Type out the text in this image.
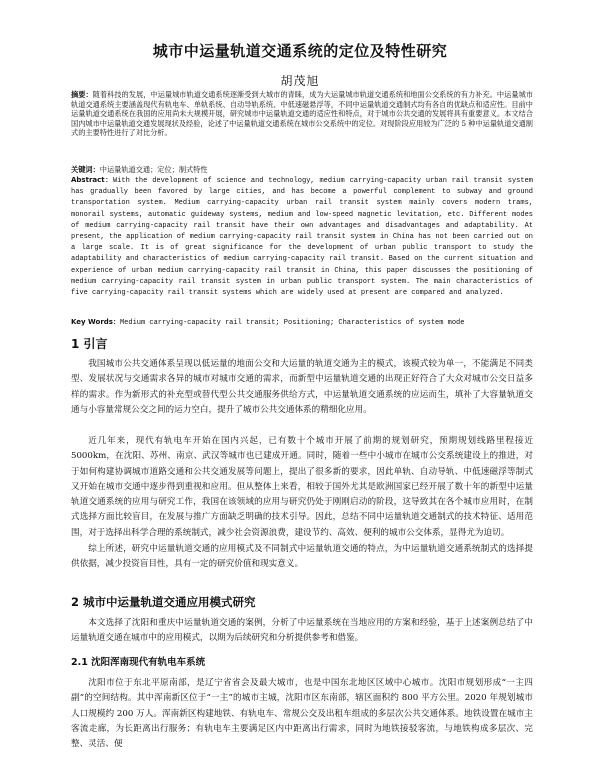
城市中运量轨道交通系统的定位及特性研究
胡茂旭

摘要：随着科技的发展，中运量城市轨道交通系统逐渐受到大城市的青睐，成为大运量城市轨道交通系统和地面公交系统的有力补充。中运量城市轨道交通系统主要涵盖现代有轨电车、单轨系统、自动导轨系统、中低速磁悬浮等，不同中运量轨道交通制式均有各自的优缺点和适应性。目前中运量轨道交通系统在我国的应用尚未大规模开展，研究城市中运量轨道交通的适应性和特点，对于城市公共交通的发展将具有重要意义。本文结合国内城市中运量轨道交通发展现状及经验，论述了中运量轨道交通系统在城市公交系统中的定位。对现阶段应用较为广泛的 5 种中运量轨道交通制式的主要特性进行了对比分析。

关键词：中运量轨道交通；定位；制式特性

Abstract：With the development of science and technology, medium carrying-capacity urban rail transit system has gradually been favored by large cities, and has become a powerful complement to subway and ground transportation system. Medium carrying-capacity urban rail transit system mainly covers modern trams, monorail systems, automatic guideway systems, medium and low-speed magnetic levitation, etc. Different modes of medium carrying-capacity rail transit have their own advantages and disadvantages and adaptability. At present, the application of medium carrying-capacity rail transit system in China has not been carried out on a large scale. It is of great significance for the development of urban public transport to study the adaptability and characteristics of medium carrying-capacity rail transit. Based on the current situation and experience of urban medium carrying-capacity rail transit in China, this paper discusses the positioning of medium carrying-capacity rail transit system in urban public transport system. The main characteristics of five carrying-capacity rail transit systems which are widely used at present are compared and analyzed.

Key Words：Medium carrying-capacity rail transit; Positioning; Characteristics of system mode

1 引言

我国城市公共交通体系呈现以低运量的地面公交和大运量的轨道交通为主的模式，该模式较为单一，不能满足不同类型、发展状况与交通需求各异的城市对城市交通的需求，而新型中运量轨道交通的出现正好符合了大众对城市公交日益多样的需求。作为新形式的补充型或替代型公共交通服务供给方式，中运量轨道交通系统的应运而生，填补了大容量轨道交通与小容量常规公交之间的运力空白，提升了城市公共交通体系的精细化应用。

近几年来，现代有轨电车开始在国内兴起，已有数十个城市开展了前期的规划研究，预期规划线路里程接近 5000km，在沈阳、苏州、南京、武汉等城市也已建成开通。同时，随着一些中小城市在城市公交系统建设上的推进，对于如何构建协调城市道路交通和公共交通发展等问题上，提出了很多新的要求，因此单轨、自动导轨、中低速磁浮等制式又开始在城市交通中逐步得到重视和应用。但从整体上来看，相较于国外尤其是欧洲国家已经开展了数十年的新型中运量轨道交通系统的应用与研究工作，我国在该领域的应用与研究仍处于刚刚启动的阶段，这导致其在各个城市应用时，在制式选择方面比较盲目，在发展与推广方面缺乏明确的技术引导。因此，总结不同中运量轨道交通制式的技术特征、适用范围，对于选择出科学合理的系统制式，减少社会资源浪费，建设节约、高效、便利的城市公交体系，显得尤为迫切。

综上所述，研究中运量轨道交通的应用模式及不同制式中运量轨道交通的特点，为中运量轨道交通系统制式的选择提供依据，减少投资盲目性，具有一定的研究价值和现实意义。

2 城市中运量轨道交通应用模式研究

本文选择了沈阳和重庆中运量轨道交通的案例，分析了中运量系统在当地应用的方案和经验，基于上述案例总结了中运量轨道交通在城市中的应用模式，以期为后续研究和分析提供参考和借鉴。

2.1 沈阳浑南现代有轨电车系统

沈阳市位于东北平原南部，是辽宁省省会及最大城市，也是中国东北地区区域中心城市。沈阳市规划形成“一主四副”的空间结构。其中浑南新区位于“一主”的城市主城，沈阳市区东南部，辖区面积约 800 平方公里。2020 年规划城市人口规模约 200 万人。浑南新区构建地铁、有轨电车、常规公交及出租车组成的多层次公共交通体系。地铁设置在城市主客流走廊，为长距离出行服务；有轨电车主要满足区内中距离出行需求，同时为地铁接驳客流，与地铁构成多层次、完整、灵活、便
